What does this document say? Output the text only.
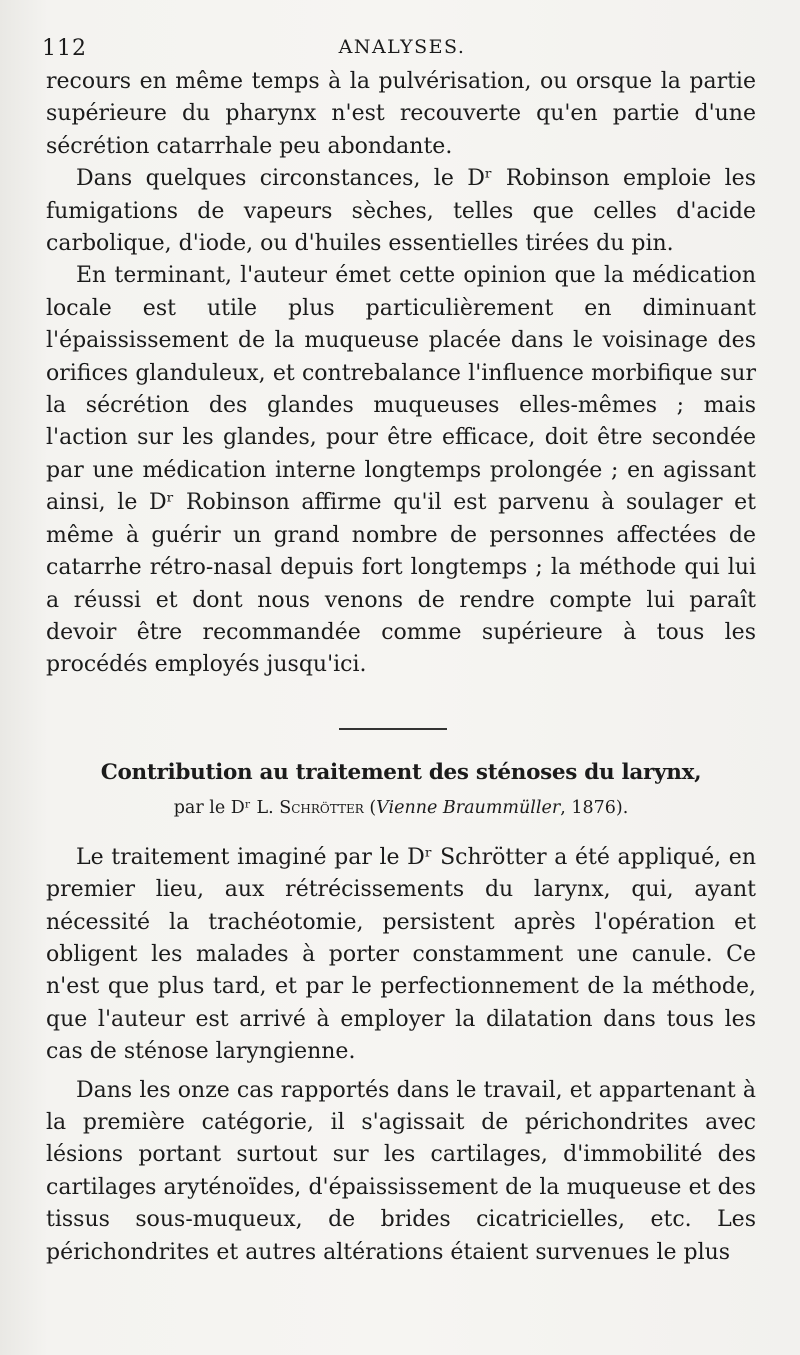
112	ANALYSES.

recours en même temps à la pulvérisation, ou orsque la partie supérieure du pharynx n'est recouverte qu'en partie d'une sécrétion catarrhale peu abondante.

Dans quelques circonstances, le Dʳ Robinson emploie les fumigations de vapeurs sèches, telles que celles d'acide carbolique, d'iode, ou d'huiles essentielles tirées du pin.

En terminant, l'auteur émet cette opinion que la médication locale est utile plus particulièrement en diminuant l'épaississement de la muqueuse placée dans le voisinage des orifices glanduleux, et contrebalance l'influence morbifique sur la sécrétion des glandes muqueuses elles-mêmes ; mais l'action sur les glandes, pour être efficace, doit être secondée par une médication interne longtemps prolongée ; en agissant ainsi, le Dʳ Robinson affirme qu'il est parvenu à soulager et même à guérir un grand nombre de personnes affectées de catarrhe rétro-nasal depuis fort longtemps ; la méthode qui lui a réussi et dont nous venons de rendre compte lui paraît devoir être recommandée comme supérieure à tous les procédés employés jusqu'ici.

Contribution au traitement des sténoses du larynx,
par le Dʳ L. Schrötter (Vienne Braummüller, 1876).

Le traitement imaginé par le Dʳ Schrötter a été appliqué, en premier lieu, aux rétrécissements du larynx, qui, ayant nécessité la trachéotomie, persistent après l'opération et obligent les malades à porter constamment une canule. Ce n'est que plus tard, et par le perfectionnement de la méthode, que l'auteur est arrivé à employer la dilatation dans tous les cas de sténose laryngienne.

Dans les onze cas rapportés dans le travail, et appartenant à la première catégorie, il s'agissait de périchondrites avec lésions portant surtout sur les cartilages, d'immobilité des cartilages aryténoïdes, d'épaississement de la muqueuse et des tissus sous-muqueux, de brides cicatricielles, etc. Les périchondrites et autres altérations étaient survenues le plus
